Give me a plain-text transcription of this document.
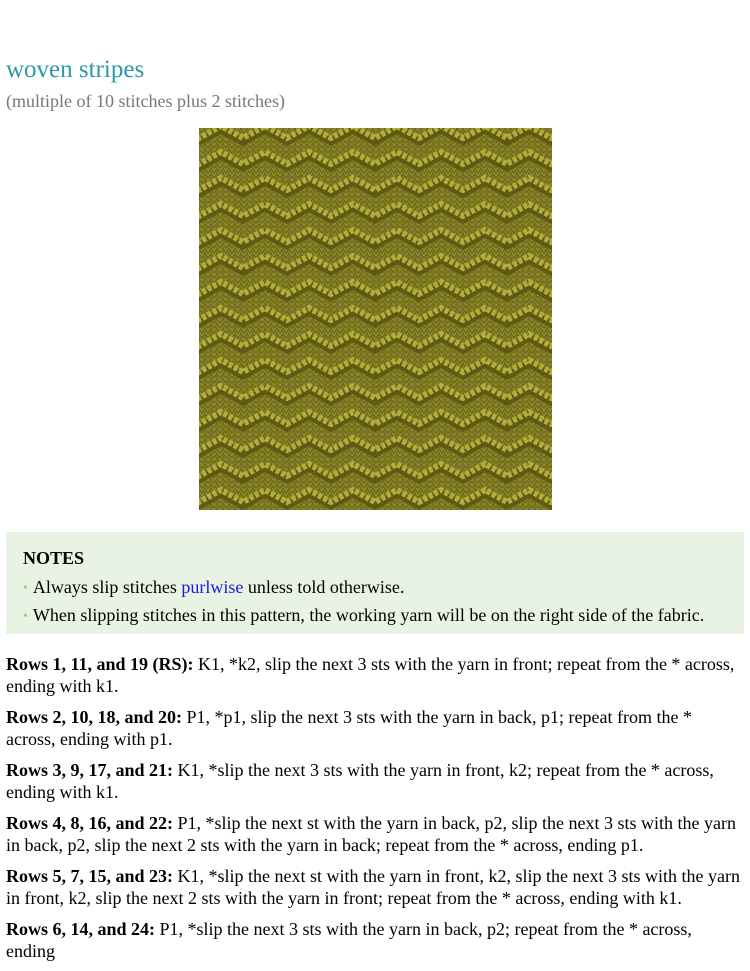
woven stripes

(multiple of 10 stitches plus 2 stitches)

NOTES
• Always slip stitches purlwise unless told otherwise.
• When slipping stitches in this pattern, the working yarn will be on the right side of the fabric.

Rows 1, 11, and 19 (RS): K1, *k2, slip the next 3 sts with the yarn in front; repeat from the * across, ending with k1.

Rows 2, 10, 18, and 20: P1, *p1, slip the next 3 sts with the yarn in back, p1; repeat from the * across, ending with p1.

Rows 3, 9, 17, and 21: K1, *slip the next 3 sts with the yarn in front, k2; repeat from the * across, ending with k1.

Rows 4, 8, 16, and 22: P1, *slip the next st with the yarn in back, p2, slip the next 3 sts with the yarn in back, p2, slip the next 2 sts with the yarn in back; repeat from the * across, ending p1.

Rows 5, 7, 15, and 23: K1, *slip the next st with the yarn in front, k2, slip the next 3 sts with the yarn in front, k2, slip the next 2 sts with the yarn in front; repeat from the * across, ending with k1.

Rows 6, 14, and 24: P1, *slip the next 3 sts with the yarn in back, p2; repeat from the * across, ending
